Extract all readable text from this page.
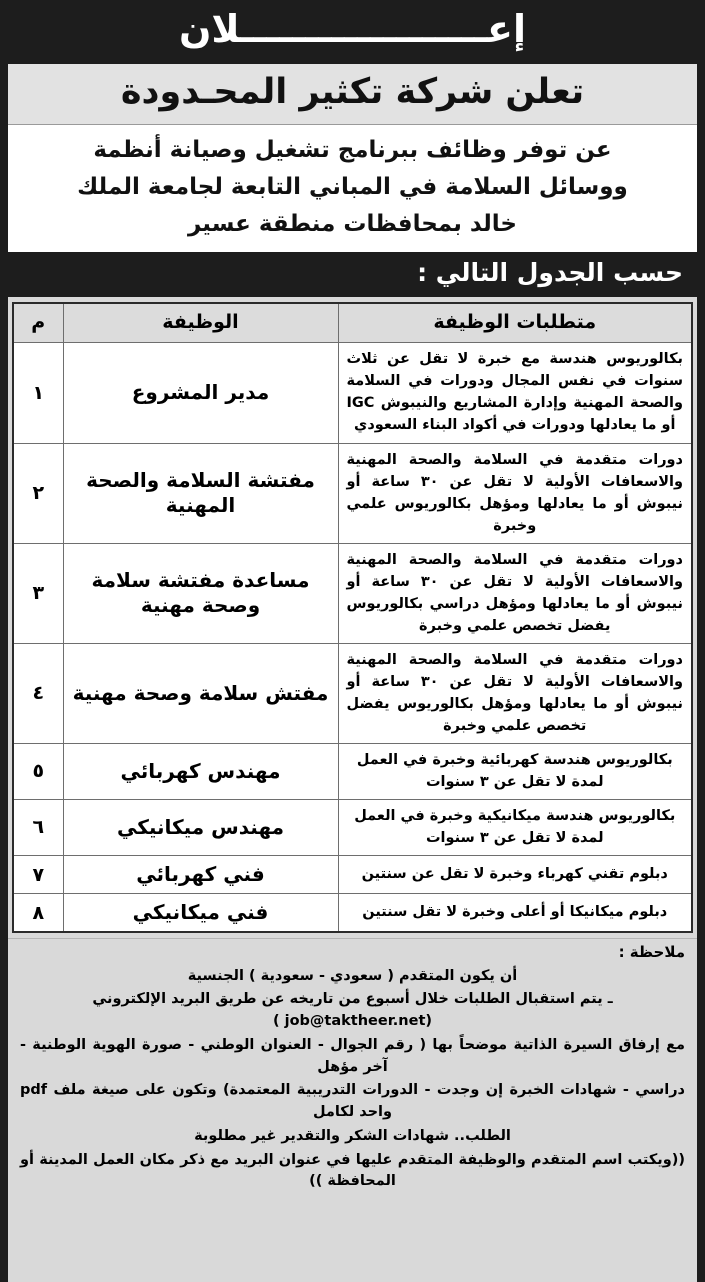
إعـــــــــــــــــــلان
تعلن شركة تكثير المحـدودة

عن توفر وظائف ببرنامج تشغيل وصيانة أنظمة

ووسائل السلامة في المباني التابعة لجامعة الملك

خالد بمحافظات منطقة عسير

حسب الجدول التالي :
متطلبات الوظيفة	الوظيفة	م
بكالوريوس هندسة مع خبرة لا تقل عن ثلاث سنوات في نفس المجال ودورات في السلامة والصحة المهنية وإدارة المشاريع والنيبوش IGC أو ما يعادلها ودورات في أكواد البناء السعودي	مدير المشروع	١
دورات متقدمة في السلامة والصحة المهنية والاسعافات الأولية لا تقل عن ٣٠ ساعة أو نيبوش أو ما يعادلها ومؤهل بكالوريوس علمي وخبرة	مفتشة السلامة والصحة المهنية	٢
دورات متقدمة في السلامة والصحة المهنية والاسعافات الأولية لا تقل عن ٣٠ ساعة أو نيبوش أو ما يعادلها ومؤهل دراسي بكالوريوس يفضل تخصص علمي وخبرة	مساعدة مفتشة سلامة وصحة مهنية	٣
دورات متقدمة في السلامة والصحة المهنية والاسعافات الأولية لا تقل عن ٣٠ ساعة أو نيبوش أو ما يعادلها ومؤهل بكالوريوس يفضل تخصص علمي وخبرة	مفتش سلامة وصحة مهنية	٤
بكالوريوس هندسة كهربائية وخبرة في العمل لمدة لا تقل عن ٣ سنوات	مهندس كهربائي	٥
بكالوريوس هندسة ميكانيكية وخبرة في العمل لمدة لا تقل عن ٣ سنوات	مهندس ميكانيكي	٦
دبلوم تقني كهرباء وخبرة لا تقل عن سنتين	فني كهربائي	٧
دبلوم ميكانيكا أو أعلى وخبرة لا تقل سنتين	فني ميكانيكي	٨

ملاحظة :

أن يكون المتقدم ( سعودي - سعودية ) الجنسية

ـ يتم استقبال الطلبات خلال أسبوع من تاريخه عن طريق البريد الإلكتروني (job@taktheer.net )

مع إرفاق السيرة الذاتية موضحاً بها ( رقم الجوال - العنوان الوطني - صورة الهوية الوطنية - آخر مؤهل

دراسي - شهادات الخبرة إن وجدت - الدورات التدريبية المعتمدة) وتكون على صيغة ملف pdf واحد لكامل

الطلب.. شهادات الشكر والتقدير غير مطلوبة

((ويكتب اسم المتقدم والوظيفة المتقدم عليها في عنوان البريد مع ذكر مكان العمل المدينة أو المحافظة ))
